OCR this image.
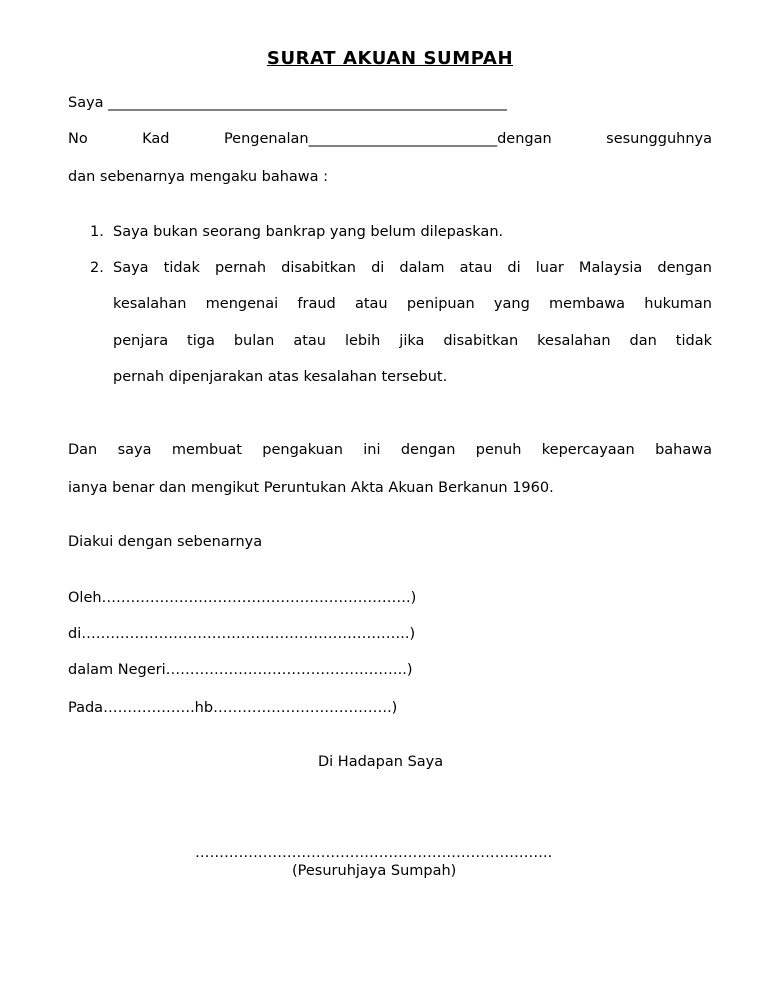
SURAT AKUAN SUMPAH
Saya _______________________________________________________
No Kad Pengenalan__________________________dengan sesungguhnya
dan sebenarnya mengaku bahawa :
1. Saya bukan seorang bankrap yang belum dilepaskan.
2. Saya tidak pernah disabitkan di dalam atau di luar Malaysia dengan
kesalahan mengenai fraud atau penipuan yang membawa hukuman
penjara tiga bulan atau lebih jika disabitkan kesalahan dan tidak
pernah dipenjarakan atas kesalahan tersebut.
Dan saya membuat pengakuan ini dengan penuh kepercayaan bahawa
ianya benar dan mengikut Peruntukan Akta Akuan Berkanun 1960.
Diakui dengan sebenarnya
Oleh……………………………………………………….)
di…………………………………………………………..)
dalam Negeri…………………………………………..)
Pada……………….hb……………………………….)
Di Hadapan Saya
………………………………………………………………..
(Pesuruhjaya Sumpah)
